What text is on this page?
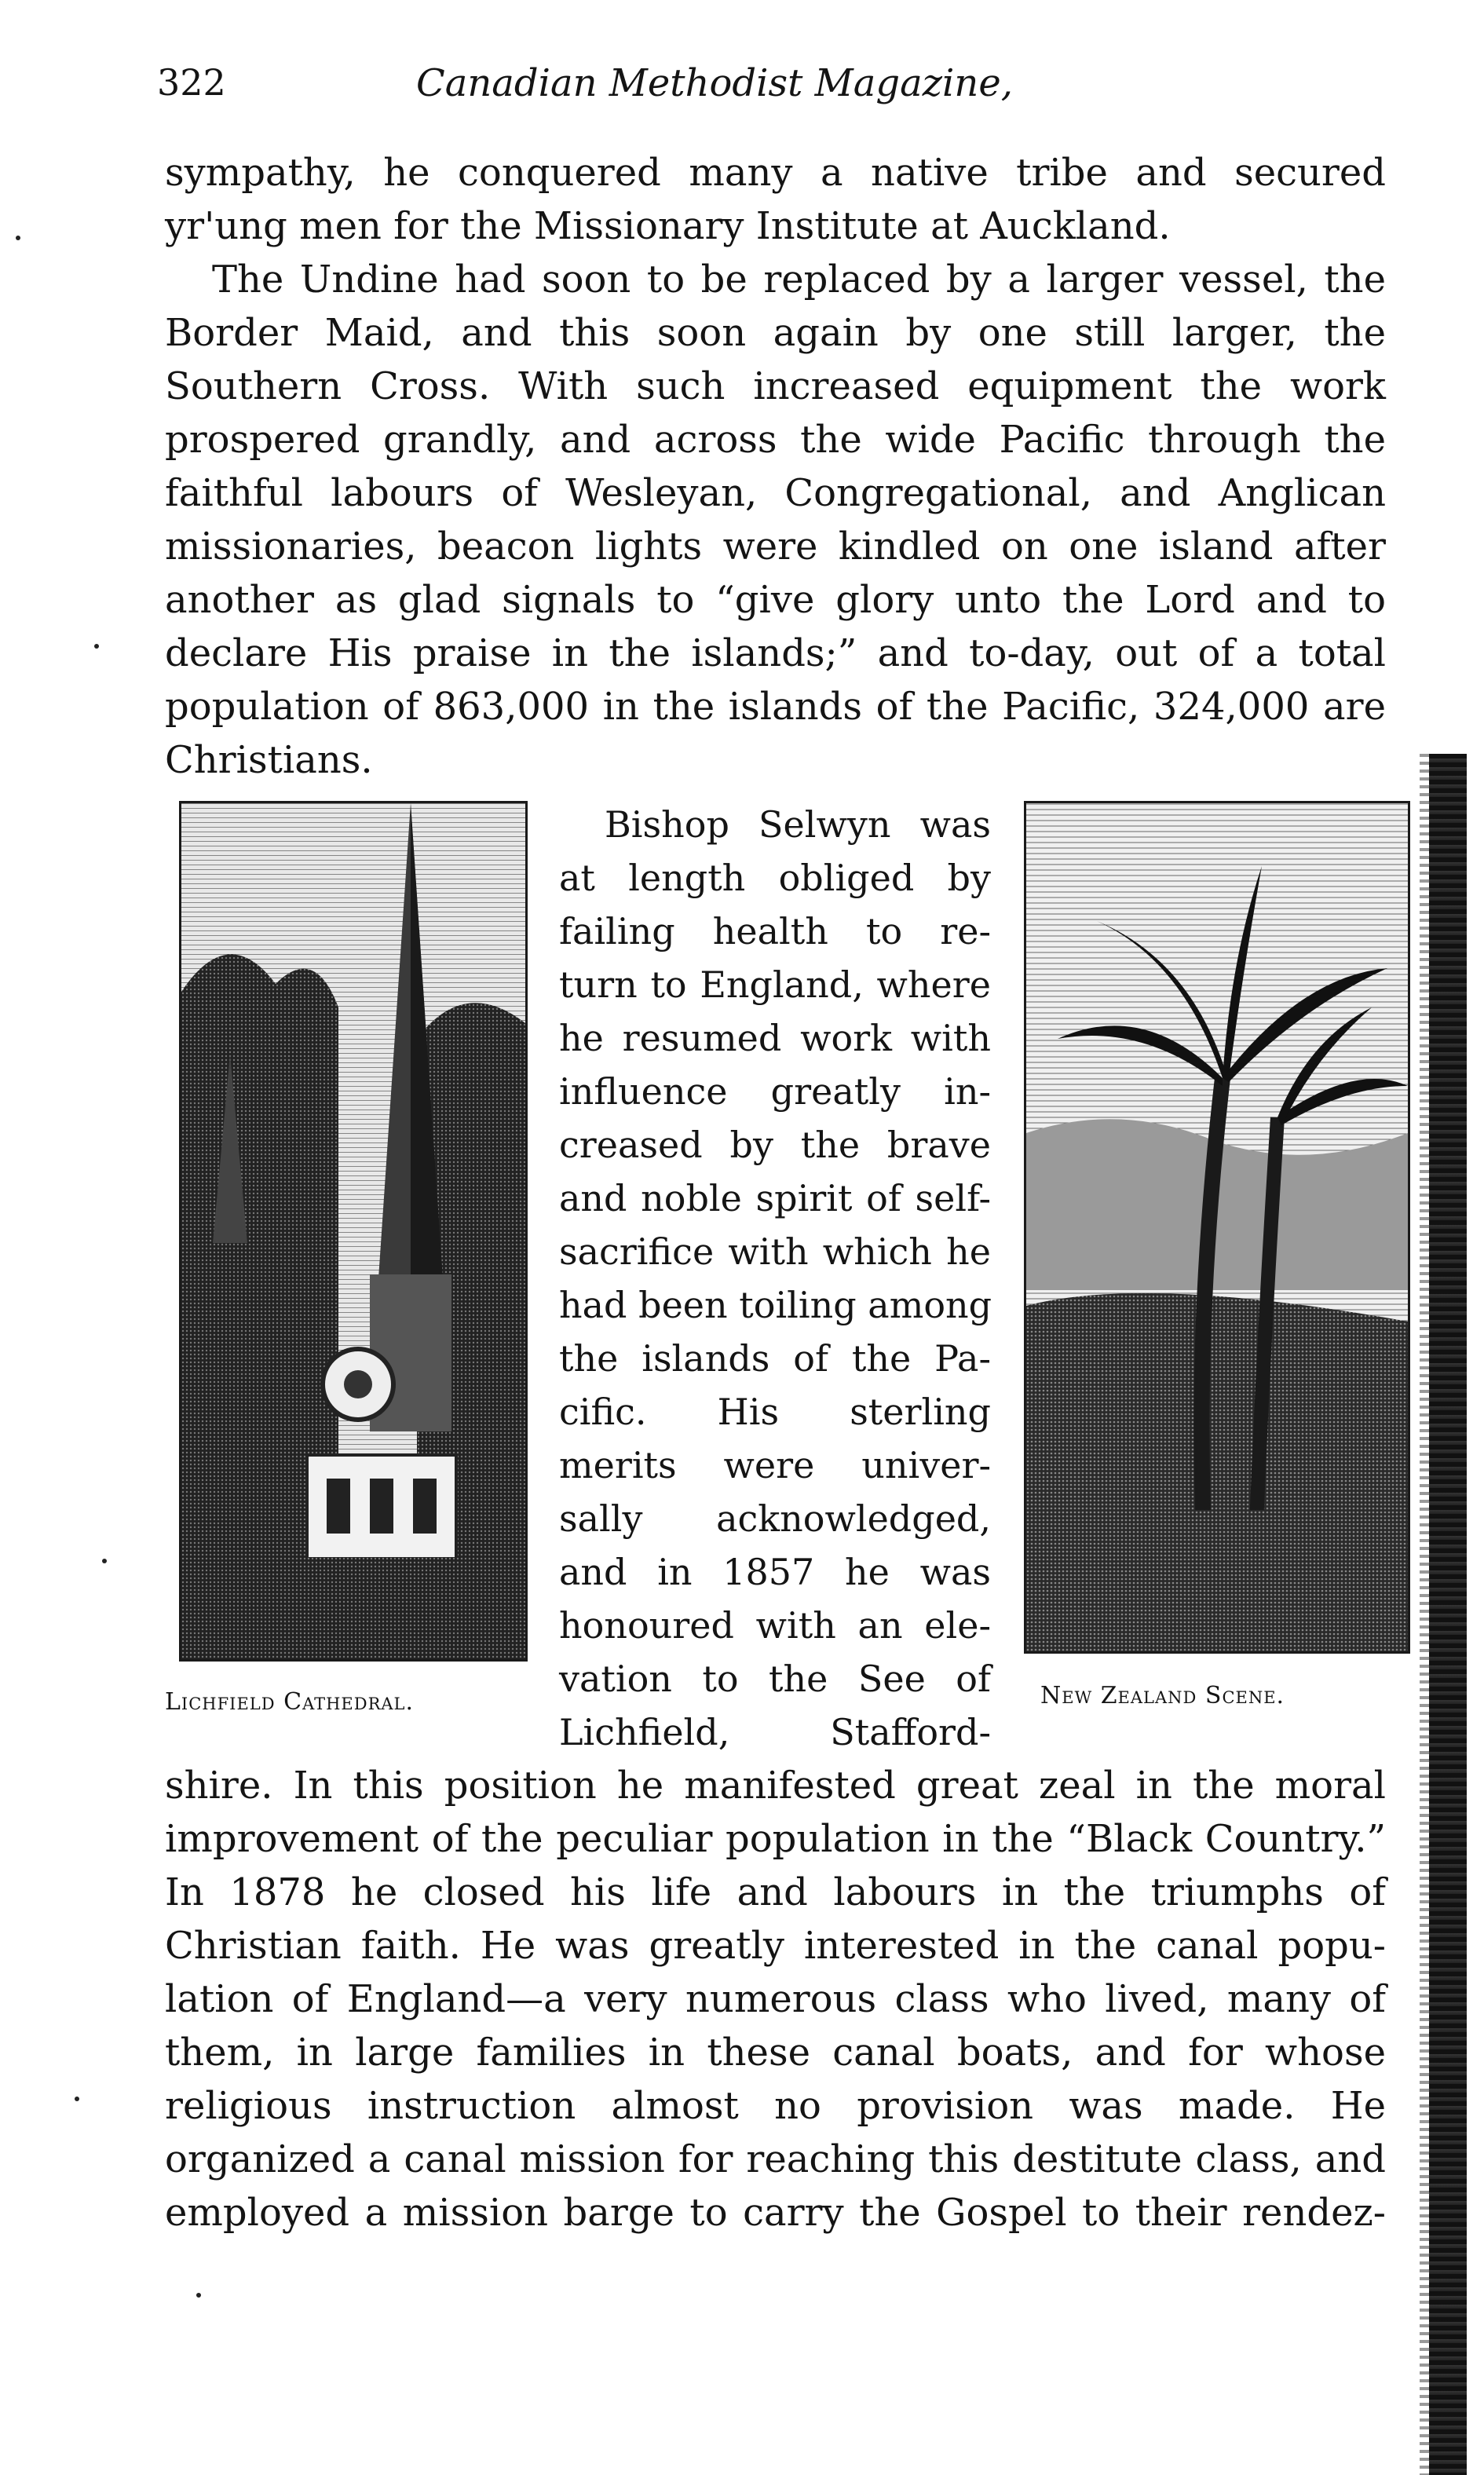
322	Canadian Methodist Magazine,
sympathy, he conquered many a native tribe and secured
yr'ung men for the Missionary Institute at Auckland.
The Undine had soon to be replaced by a larger vessel, the
Border Maid, and this soon again by one still larger, the
Southern Cross. With such increased equipment the work
prospered grandly, and across the wide Pacific through the
faithful labours of Wesleyan, Congregational, and Anglican
missionaries, beacon lights were kindled on one island after
another as glad signals to “give glory unto the Lord and to
declare His praise in the islands;” and to-day, out of a total
population of 863,000 in the islands of the Pacific, 324,000 are
Christians.
Lichfield Cathedral.
Bishop Selwyn was
at length obliged by
failing health to re-
turn to England, where
he resumed work with
influence greatly in-
creased by the brave
and noble spirit of self-
sacrifice with which he
had been toiling among
the islands of the Pa-
cific. His sterling
merits were univer-
sally acknowledged,
and in 1857 he was
honoured with an ele-
vation to the See of
Lichfield, Stafford-
New Zealand Scene.
shire. In this position he manifested great zeal in the moral
improvement of the peculiar population in the “Black Country.”
In 1878 he closed his life and labours in the triumphs of
Christian faith. He was greatly interested in the canal popu-
lation of England—a very numerous class who lived, many of
them, in large families in these canal boats, and for whose
religious instruction almost no provision was made. He
organized a canal mission for reaching this destitute class, and
employed a mission barge to carry the Gospel to their rendez-
